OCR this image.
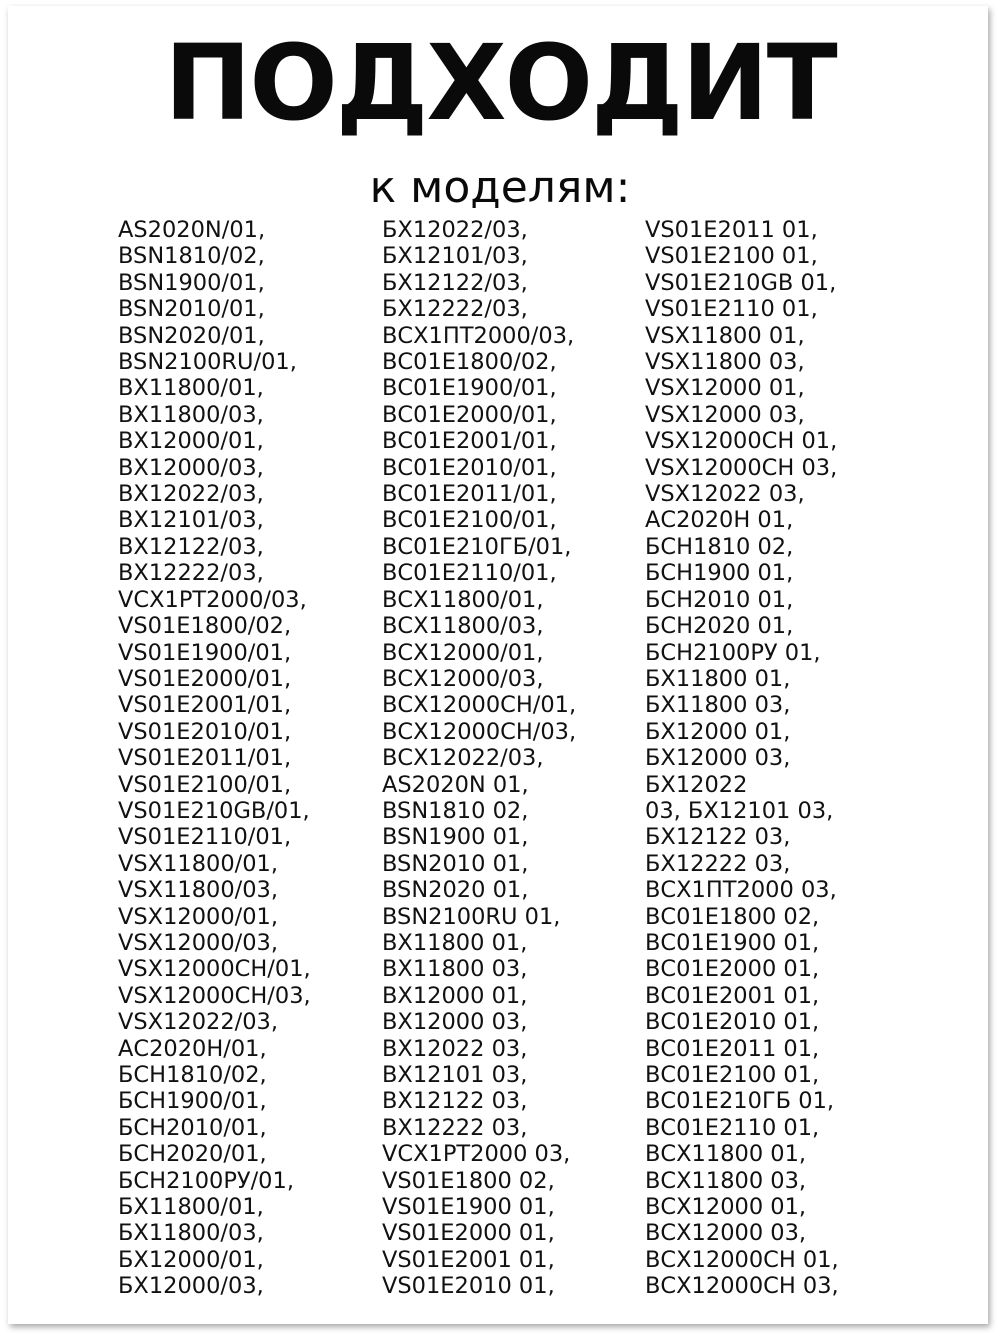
ПОДХОДИТ

к моделям:

AS2020N/01,
BSN1810/02,
BSN1900/01,
BSN2010/01,
BSN2020/01,
BSN2100RU/01,
BX11800/01,
BX11800/03,
BX12000/01,
BX12000/03,
BX12022/03,
BX12101/03,
BX12122/03,
BX12222/03,
VCX1PT2000/03,
VS01E1800/02,
VS01E1900/01,
VS01E2000/01,
VS01E2001/01,
VS01E2010/01,
VS01E2011/01,
VS01E2100/01,
VS01E210GB/01,
VS01E2110/01,
VSX11800/01,
VSX11800/03,
VSX12000/01,
VSX12000/03,
VSX12000CH/01,
VSX12000CH/03,
VSX12022/03,
АС2020Н/01,
БСН1810/02,
БСН1900/01,
БСН2010/01,
БСН2020/01,
БСН2100РУ/01,
БХ11800/01,
БХ11800/03,
БХ12000/01,
БХ12000/03,
БХ12022/03,
БХ12101/03,
БХ12122/03,
БХ12222/03,
ВСХ1ПТ2000/03,
ВС01Е1800/02,
ВС01Е1900/01,
ВС01Е2000/01,
ВС01Е2001/01,
ВС01Е2010/01,
ВС01Е2011/01,
ВС01Е2100/01,
ВС01Е210ГБ/01,
ВС01Е2110/01,
ВСХ11800/01,
ВСХ11800/03,
ВСХ12000/01,
ВСХ12000/03,
ВСХ12000СН/01,
ВСХ12000СН/03,
ВСХ12022/03,
AS2020N 01,
BSN1810 02,
BSN1900 01,
BSN2010 01,
BSN2020 01,
BSN2100RU 01,
BX11800 01,
BX11800 03,
BX12000 01,
BX12000 03,
BX12022 03,
BX12101 03,
BX12122 03,
BX12222 03,
VCX1PT2000 03,
VS01E1800 02,
VS01E1900 01,
VS01E2000 01,
VS01E2001 01,
VS01E2010 01,
VS01E2011 01,
VS01E2100 01,
VS01E210GB 01,
VS01E2110 01,
VSX11800 01,
VSX11800 03,
VSX12000 01,
VSX12000 03,
VSX12000CH 01,
VSX12000CH 03,
VSX12022 03,
АС2020Н 01,
БСН1810 02,
БСН1900 01,
БСН2010 01,
БСН2020 01,
БСН2100РУ 01,
БХ11800 01,
БХ11800 03,
БХ12000 01,
БХ12000 03,
БХ12022
03, БХ12101 03,
БХ12122 03,
БХ12222 03,
ВСХ1ПТ2000 03,
ВС01Е1800 02,
ВС01Е1900 01,
ВС01Е2000 01,
ВС01Е2001 01,
ВС01Е2010 01,
ВС01Е2011 01,
ВС01Е2100 01,
ВС01Е210ГБ 01,
ВС01Е2110 01,
ВСХ11800 01,
ВСХ11800 03,
ВСХ12000 01,
ВСХ12000 03,
ВСХ12000СН 01,
ВСХ12000СН 03,
